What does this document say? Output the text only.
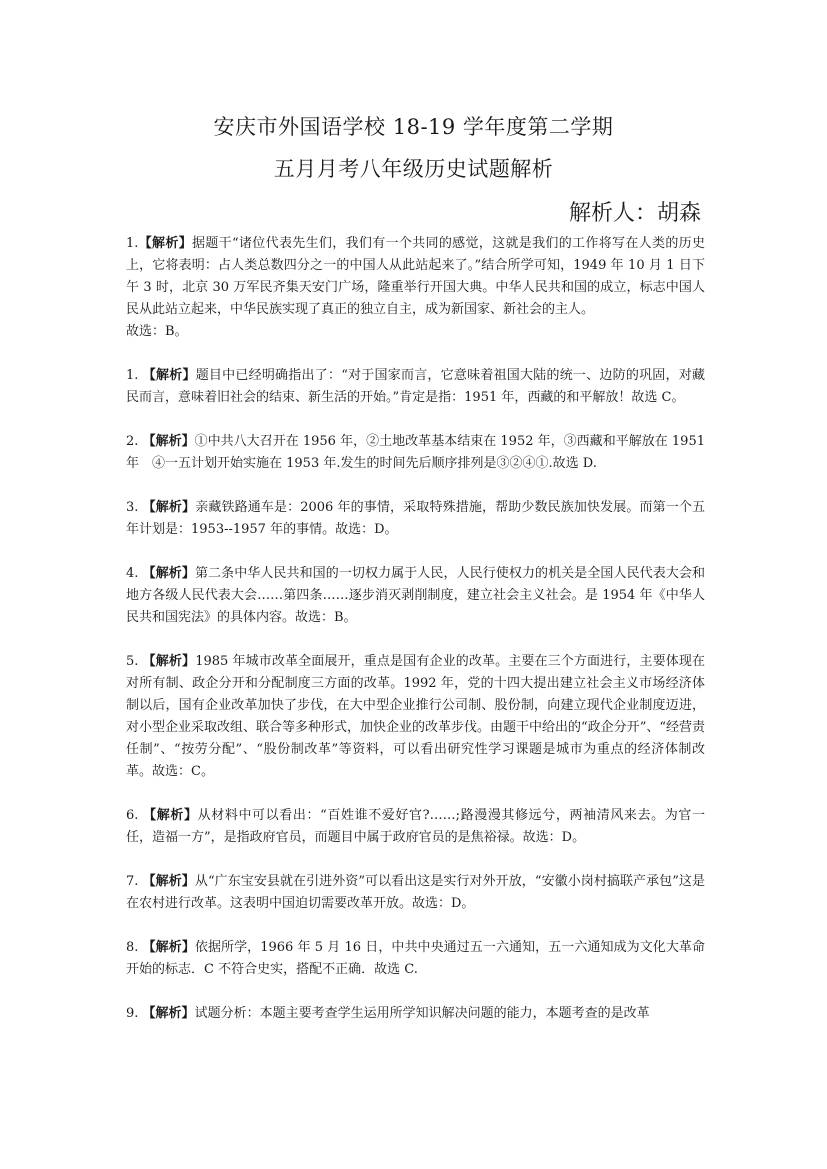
安庆市外国语学校 18-19 学年度第二学期
五月月考八年级历史试题解析
解析人：胡森

1.【解析】据题干“诸位代表先生们，我们有一个共同的感觉，这就是我们的工作将写在人类的历史上，它将表明：占人类总数四分之一的中国人从此站起来了。”结合所学可知，1949 年 10 月 1 日下午 3 时，北京 30 万军民齐集天安门广场，隆重举行开国大典。中华人民共和国的成立，标志中国人民从此站立起来，中华民族实现了真正的独立自主，成为新国家、新社会的主人。

故选：B。

1. 【解析】题目中已经明确指出了：“对于国家而言，它意味着祖国大陆的统一、边防的巩固，对藏民而言，意味着旧社会的结束、新生活的开始。”肯定是指：1951 年，西藏的和平解放！故选 C。

2. 【解析】①中共八大召开在 1956 年，②土地改革基本结束在 1952 年，③西藏和平解放在 1951 年　④一五计划开始实施在 1953 年.发生的时间先后顺序排列是③②④①.故选 D.

3. 【解析】亲藏铁路通车是：2006 年的事情，采取特殊措施，帮助少数民族加快发展。而第一个五年计划是：1953--1957 年的事情。故选：D。

4. 【解析】第二条中华人民共和国的一切权力属于人民，人民行使权力的机关是全国人民代表大会和地方各级人民代表大会……第四条……逐步消灭剥削制度，建立社会主义社会。是 1954 年《中华人民共和国宪法》的具体内容。故选：B。

5. 【解析】1985 年城市改革全面展开，重点是国有企业的改革。主要在三个方面进行，主要体现在对所有制、政企分开和分配制度三方面的改革。1992 年，党的十四大提出建立社会主义市场经济体制以后，国有企业改革加快了步伐，在大中型企业推行公司制、股份制，向建立现代企业制度迈进，对小型企业采取改组、联合等多种形式，加快企业的改革步伐。由题干中给出的“政企分开”、“经营责任制”、“按劳分配”、“股份制改革”等资料，可以看出研究性学习课题是城市为重点的经济体制改革。故选：C。

6. 【解析】从材料中可以看出：“百姓谁不爱好官?……;路漫漫其修远兮，两袖清风来去。为官一任，造福一方”，是指政府官员，而题目中属于政府官员的是焦裕禄。故选：D。

7. 【解析】从“广东宝安县就在引进外资”可以看出这是实行对外开放，“安徽小岗村搞联产承包”这是在农村进行改革。这表明中国迫切需要改革开放。故选：D。

8. 【解析】依据所学，1966 年 5 月 16 日，中共中央通过五一六通知，五一六通知成为文化大革命开始的标志．C 不符合史实，搭配不正确．故选 C.

9. 【解析】试题分析：本题主要考查学生运用所学知识解决问题的能力，本题考查的是改革
